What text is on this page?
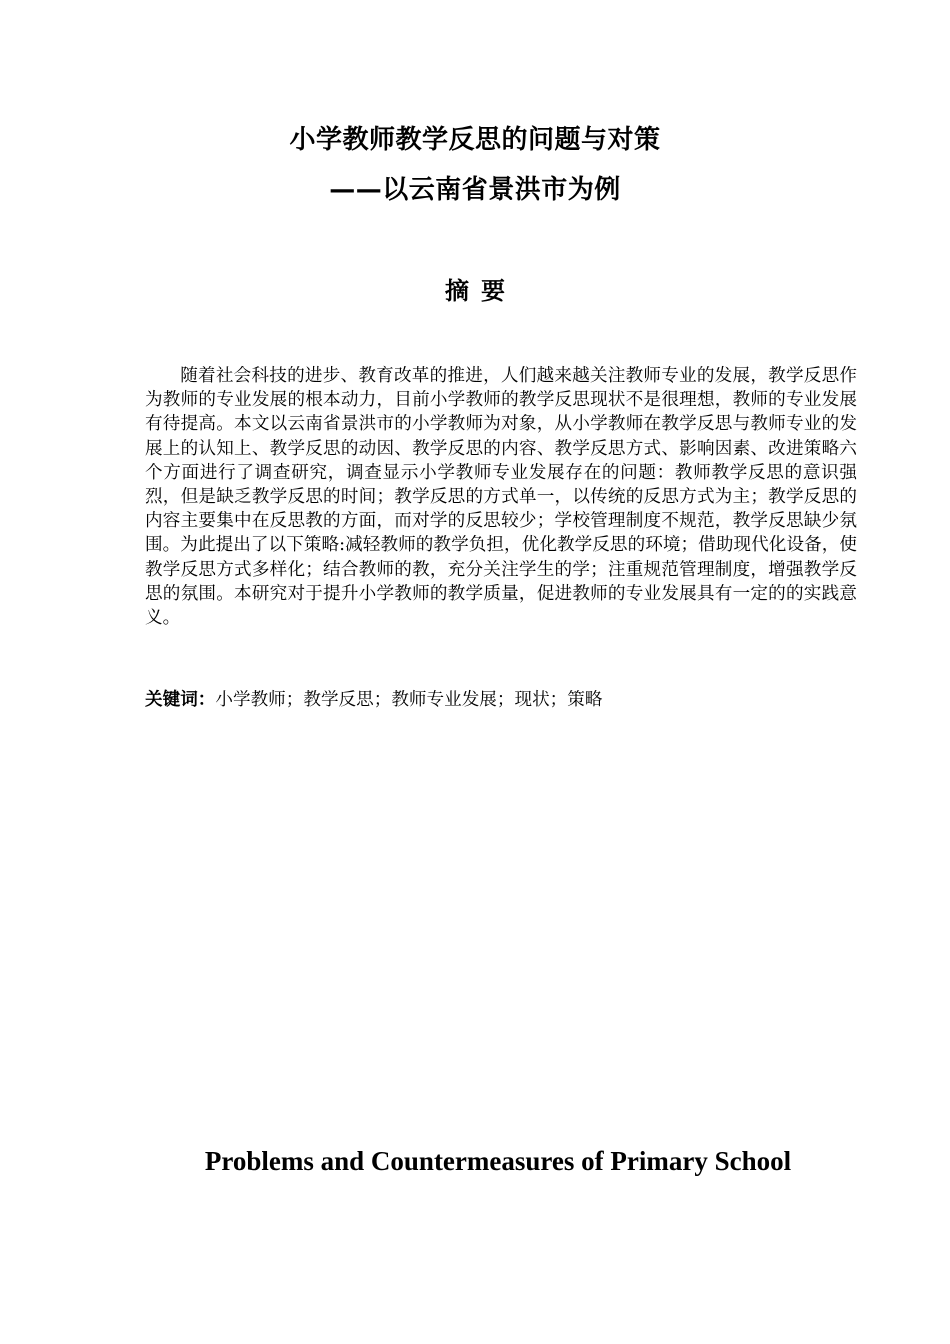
小学教师教学反思的问题与对策
——以云南省景洪市为例
摘要

随着社会科技的进步、教育改革的推进，人们越来越关注教师专业的发展，教学反思作为教师的专业发展的根本动力，目前小学教师的教学反思现状不是很理想，教师的专业发展有待提高。本文以云南省景洪市的小学教师为对象，从小学教师在教学反思与教师专业的发展上的认知上、教学反思的动因、教学反思的内容、教学反思方式、影响因素、改进策略六个方面进行了调查研究，调查显示小学教师专业发展存在的问题：教师教学反思的意识强烈，但是缺乏教学反思的时间；教学反思的方式单一，以传统的反思方式为主；教学反思的内容主要集中在反思教的方面，而对学的反思较少；学校管理制度不规范，教学反思缺少氛围。为此提出了以下策略:减轻教师的教学负担，优化教学反思的环境；借助现代化设备，使教学反思方式多样化；结合教师的教，充分关注学生的学；注重规范管理制度，增强教学反思的氛围。本研究对于提升小学教师的教学质量，促进教师的专业发展具有一定的的实践意义。

关键词：小学教师；教学反思；教师专业发展；现状；策略

Problems and Countermeasures of Primary School
